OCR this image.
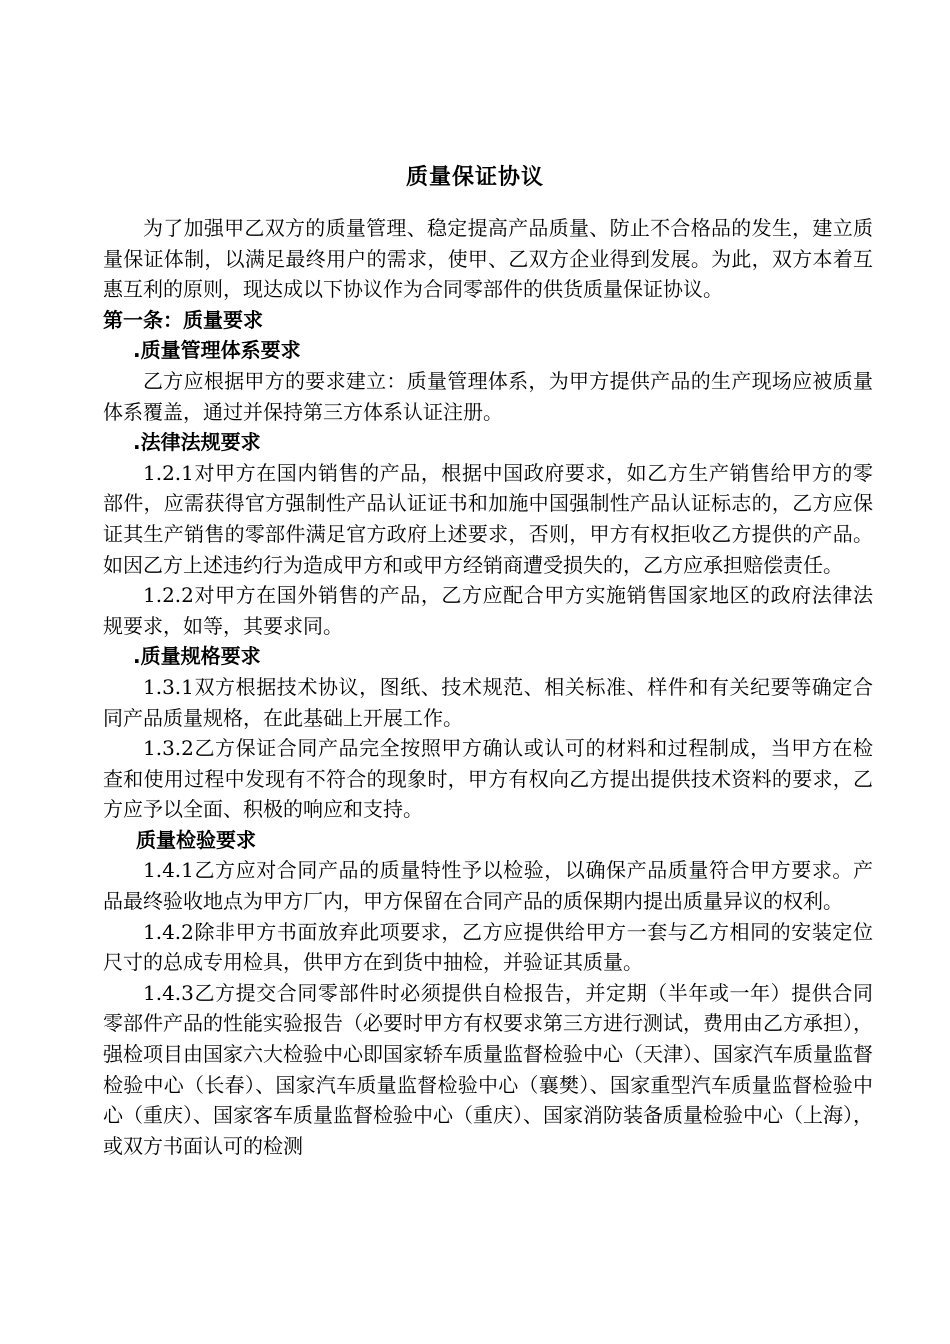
质量保证协议

为了加强甲乙双方的质量管理、稳定提高产品质量、防止不合格品的发生，建立质量保证体制，以满足最终用户的需求，使甲、乙双方企业得到发展。为此，双方本着互惠互利的原则，现达成以下协议作为合同零部件的供货质量保证协议。

第一条：质量要求

.质量管理体系要求

乙方应根据甲方的要求建立：质量管理体系，为甲方提供产品的生产现场应被质量体系覆盖，通过并保持第三方体系认证注册。

.法律法规要求

1.2.1对甲方在国内销售的产品，根据中国政府要求，如乙方生产销售给甲方的零部件，应需获得官方强制性产品认证证书和加施中国强制性产品认证标志的，乙方应保证其生产销售的零部件满足官方政府上述要求，否则，甲方有权拒收乙方提供的产品。如因乙方上述违约行为造成甲方和或甲方经销商遭受损失的，乙方应承担赔偿责任。

1.2.2对甲方在国外销售的产品，乙方应配合甲方实施销售国家地区的政府法律法规要求，如等，其要求同。

.质量规格要求

1.3.1双方根据技术协议，图纸、技术规范、相关标准、样件和有关纪要等确定合同产品质量规格，在此基础上开展工作。

1.3.2乙方保证合同产品完全按照甲方确认或认可的材料和过程制成，当甲方在检查和使用过程中发现有不符合的现象时，甲方有权向乙方提出提供技术资料的要求，乙方应予以全面、积极的响应和支持。

质量检验要求

1.4.1乙方应对合同产品的质量特性予以检验，以确保产品质量符合甲方要求。产品最终验收地点为甲方厂内，甲方保留在合同产品的质保期内提出质量异议的权利。

1.4.2除非甲方书面放弃此项要求，乙方应提供给甲方一套与乙方相同的安装定位尺寸的总成专用检具，供甲方在到货中抽检，并验证其质量。

1.4.3乙方提交合同零部件时必须提供自检报告，并定期（半年或一年）提供合同零部件产品的性能实验报告（必要时甲方有权要求第三方进行测试，费用由乙方承担），强检项目由国家六大检验中心即国家轿车质量监督检验中心（天津）、国家汽车质量监督检验中心（长春）、国家汽车质量监督检验中心（襄樊）、国家重型汽车质量监督检验中心（重庆）、国家客车质量监督检验中心（重庆）、国家消防装备质量检验中心（上海），或双方书面认可的检测
